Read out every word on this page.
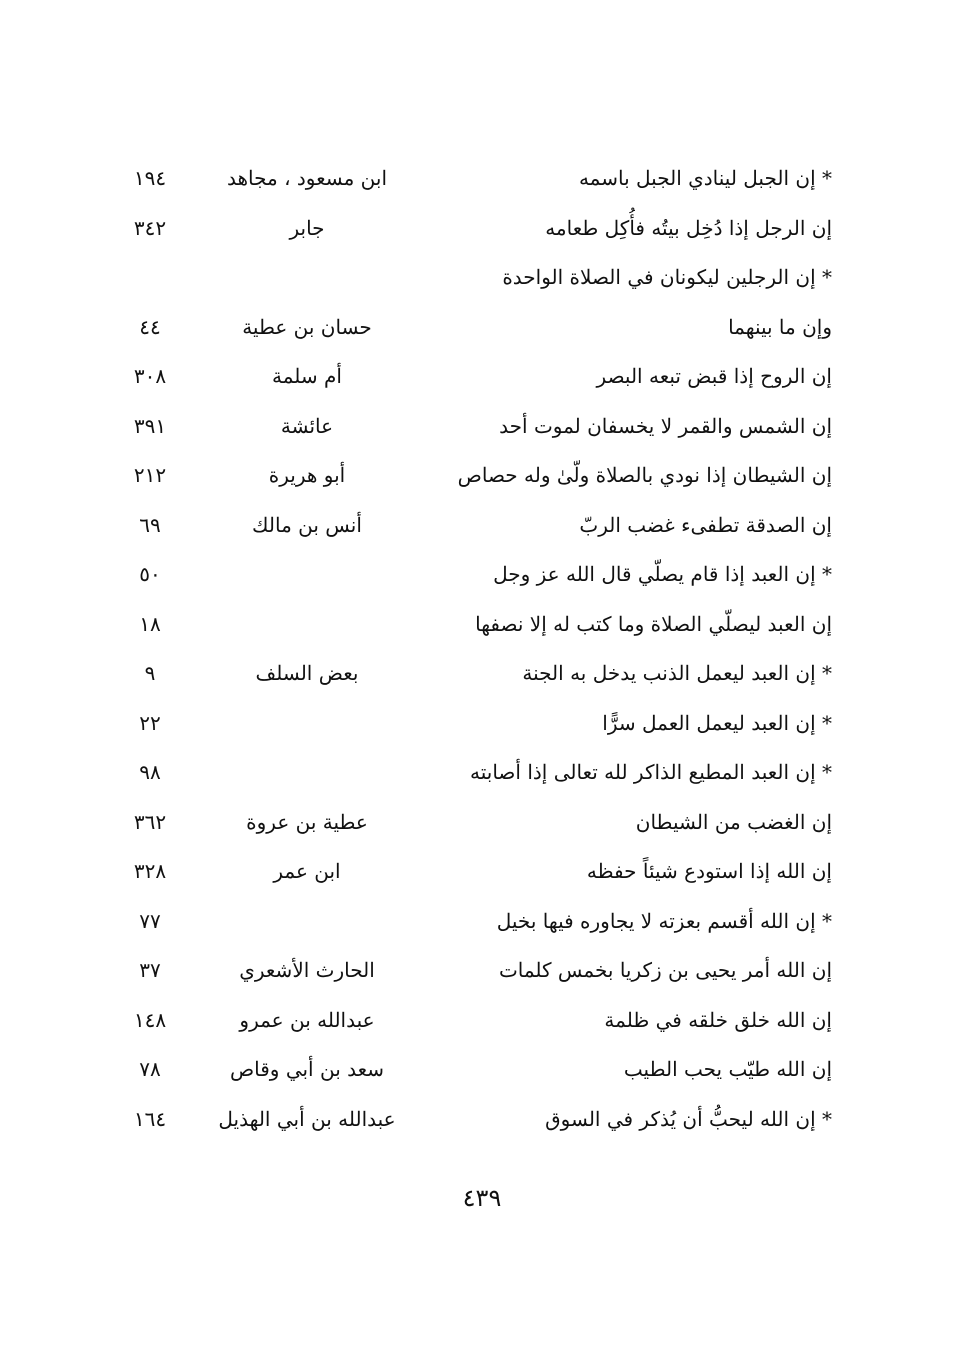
* إن الجبل لينادي الجبل باسمه
ابن مسعود ، مجاهد
١٩٤
إن الرجل إذا دُخِل بيتُه فأُكِل طعامه
جابر
٣٤٢
* إن الرجلين ليكونان في الصلاة الواحدة
وإن ما بينهما
حسان بن عطية
٤٤
إن الروح إذا قبض تبعه البصر
أم سلمة
٣٠٨
إن الشمس والقمر لا يخسفان لموت أحد
عائشة
٣٩١
إن الشيطان إذا نودي بالصلاة ولّىٰ وله حصاص
أبو هريرة
٢١٢
إن الصدقة تطفىء غضب الربّ
أنس بن مالك
٦٩
* إن العبد إذا قام يصلّي قال الله عز وجل
٥٠
إن العبد ليصلّي الصلاة وما كتب له إلا نصفها
١٨
* إن العبد ليعمل الذنب يدخل به الجنة
بعض السلف
٩
* إن العبد ليعمل العمل سرًّا
٢٢
* إن العبد المطيع الذاكر لله تعالى إذا أصابته
٩٨
إن الغضب من الشيطان
عطية بن عروة
٣٦٢
إن الله إذا استودع شيئاً حفظه
ابن عمر
٣٢٨
* إن الله أقسم بعزته لا يجاوره فيها بخيل
٧٧
إن الله أمر يحيى بن زكريا بخمس كلمات
الحارث الأشعري
٣٧
إن الله خلق خلقه في ظلمة
عبدالله بن عمرو
١٤٨
إن الله طيّب يحب الطيب
سعد بن أبي وقاص
٧٨
* إن الله ليحبُّ أن يُذكر في السوق
عبدالله بن أبي الهذيل
١٦٤
٤٣٩
